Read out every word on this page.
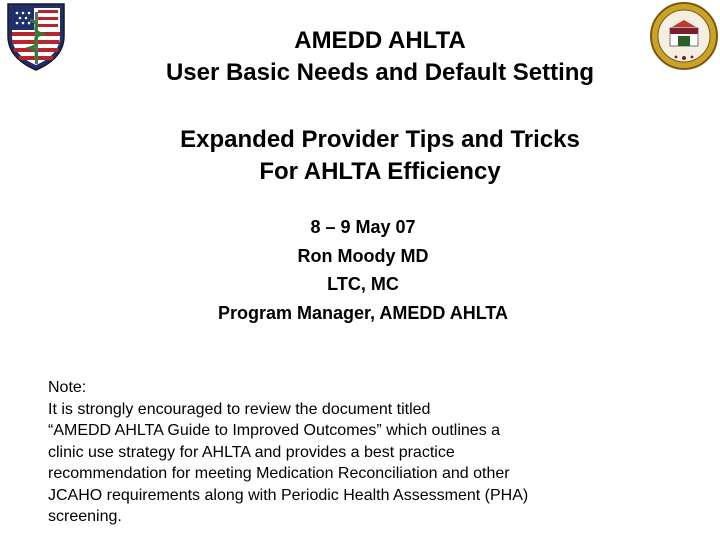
AMEDD AHLTA
User Basic Needs and Default Setting
Expanded Provider Tips and Tricks
For AHLTA Efficiency
8 – 9 May 07
Ron Moody MD
LTC, MC
Program Manager, AMEDD AHLTA
Note:
It is strongly encouraged to review the document titled
“AMEDD AHLTA Guide to Improved Outcomes” which outlines a
clinic use strategy for AHLTA and provides a best practice
recommendation for meeting Medication Reconciliation and other
JCAHO requirements along with Periodic Health Assessment (PHA)
screening.
